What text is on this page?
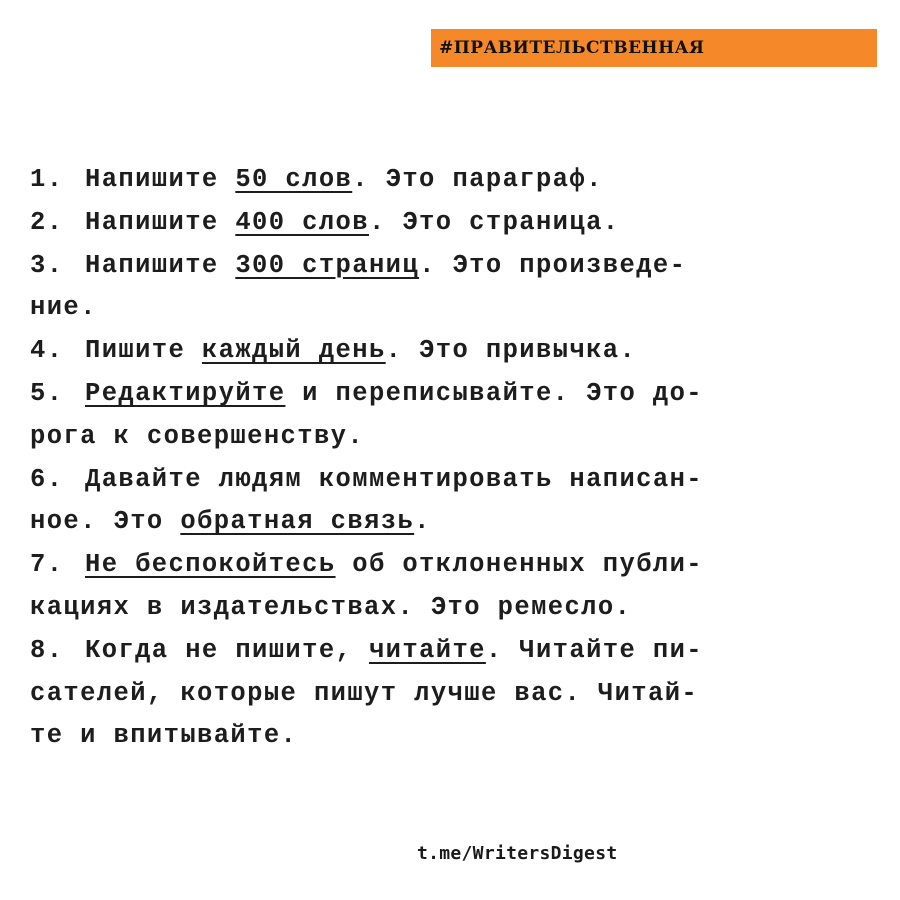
#ПРАВИТЕЛЬСТВЕННАЯ
1. Напишите 50 слов. Это параграф.
2. Напишите 400 слов. Это страница.
3. Напишите 300 страниц. Это произведе-
ние.
4. Пишите каждый день. Это привычка.
5. Редактируйте и переписывайте. Это до-
рога к совершенству.
6. Давайте людям комментировать написан-
ное. Это обратная связь.
7. Не беспокойтесь об отклоненных публи-
кациях в издательствах. Это ремесло.
8. Когда не пишите, читайте. Читайте пи-
сателей, которые пишут лучше вас. Читай-
те и впитывайте.
t.me/WritersDigest
